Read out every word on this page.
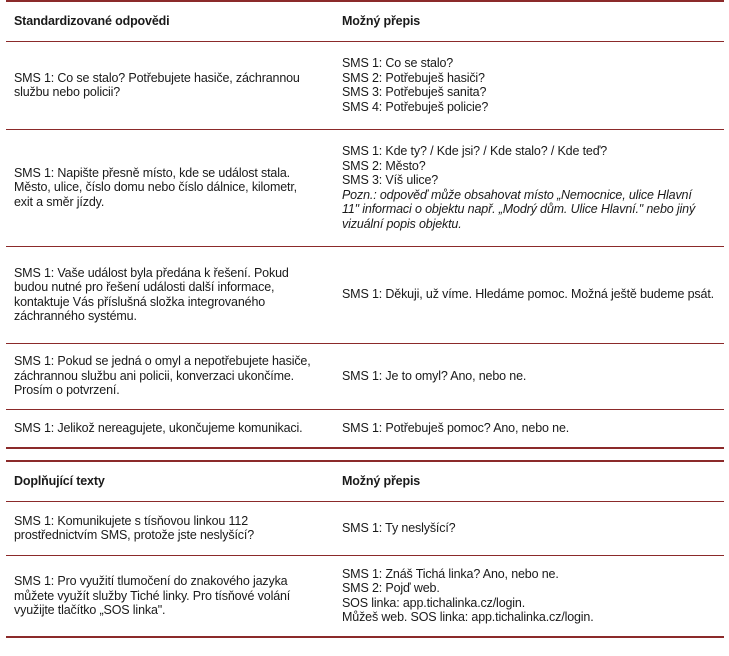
Standardizované odpovědi	Možný přepis

SMS 1: Co se stalo? Potřebujete hasiče, záchrannou službu nebo policii?	SMS 1: Co se stalo?
SMS 2: Potřebuješ hasiči?
SMS 3: Potřebuješ sanita?
SMS 4: Potřebuješ policie?

SMS 1: Napište přesně místo, kde se událost stala. Město, ulice, číslo domu nebo číslo dálnice, kilometr, exit a směr jízdy.	SMS 1: Kde ty? / Kde jsi? / Kde stalo? / Kde teď?
SMS 2: Město?
SMS 3: Víš ulice?
Pozn.: odpověď může obsahovat místo „Nemocnice, ulice Hlavní 11" informaci o objektu např. „Modrý dům. Ulice Hlavní." nebo jiný vizuální popis objektu.

SMS 1: Vaše událost byla předána k řešení. Pokud budou nutné pro řešení události další informace, kontaktuje Vás příslušná složka integrovaného záchranného systému.	SMS 1: Děkuji, už víme. Hledáme pomoc. Možná ještě budeme psát.

SMS 1: Pokud se jedná o omyl a nepotřebujete hasiče, záchrannou službu ani policii, konverzaci ukončíme. Prosím o potvrzení.	SMS 1: Je to omyl? Ano, nebo ne.

SMS 1: Jelikož nereagujete, ukončujeme komunikaci.	SMS 1: Potřebuješ pomoc? Ano, nebo ne.
Doplňující texty	Možný přepis

SMS 1: Komunikujete s tísňovou linkou 112 prostřednictvím SMS, protože jste neslyšící?	SMS 1: Ty neslyšící?

SMS 1: Pro využití tlumočení do znakového jazyka můžete využít služby Tiché linky. Pro tísňové volání využijte tlačítko „SOS linka".	SMS 1: Znáš Tichá linka? Ano, nebo ne.
SMS 2: Pojď web.
SOS linka: app.tichalinka.cz/login.
Můžeš web. SOS linka: app.tichalinka.cz/login.
